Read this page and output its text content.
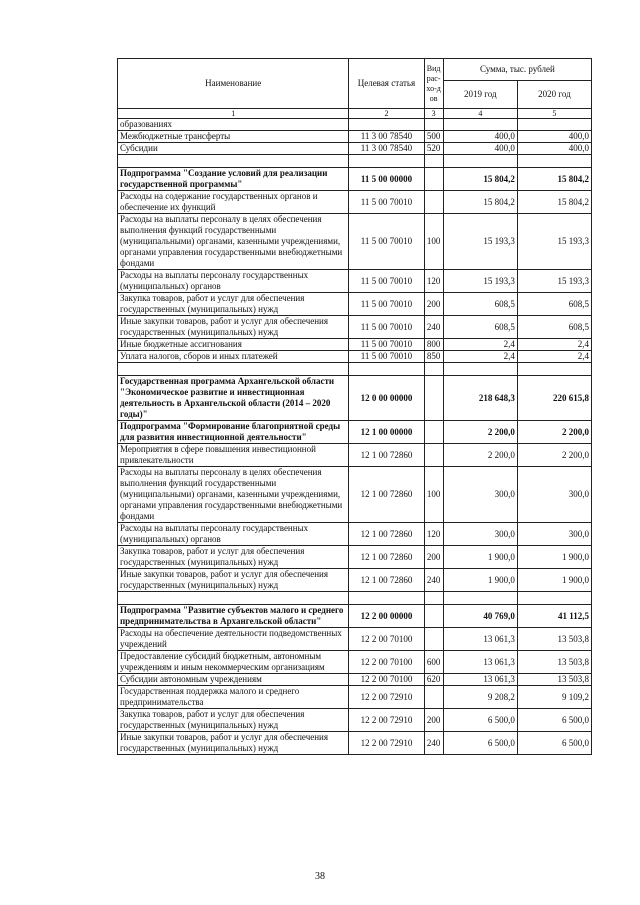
Наименование	Целевая статья	Вид рас-хо-дов	Сумма, тыс. рублей	
			2019 год	2020 год
1	2	3	4	5
образованиях				
Межбюджетные трансферты	11 3 00 78540	500	400,0	400,0
Субсидии	11 3 00 78540	520	400,0	400,0

Подпрограмма "Создание условий для реализации государственной программы"	11 5 00 00000		15 804,2	15 804,2
Расходы на содержание государственных органов и обеспечение их функций	11 5 00 70010		15 804,2	15 804,2
Расходы на выплаты персоналу в целях обеспечения выполнения функций государственными (муниципальными) органами, казенными учреждениями, органами управления государственными внебюджетными фондами	11 5 00 70010	100	15 193,3	15 193,3
Расходы на выплаты персоналу государственных (муниципальных) органов	11 5 00 70010	120	15 193,3	15 193,3
Закупка товаров, работ и услуг для обеспечения государственных (муниципальных) нужд	11 5 00 70010	200	608,5	608,5
Иные закупки товаров, работ и услуг для обеспечения государственных (муниципальных) нужд	11 5 00 70010	240	608,5	608,5
Иные бюджетные ассигнования	11 5 00 70010	800	2,4	2,4
Уплата налогов, сборов и иных платежей	11 5 00 70010	850	2,4	2,4

Государственная программа Архангельской области "Экономическое развитие и инвестиционная деятельность в Архангельской области (2014 – 2020 годы)"	12 0 00 00000		218 648,3	220 615,8
Подпрограмма "Формирование благоприятной среды для развития инвестиционной деятельности"	12 1 00 00000		2 200,0	2 200,0
Мероприятия в сфере повышения инвестиционной привлекательности	12 1 00 72860		2 200,0	2 200,0
Расходы на выплаты персоналу в целях обеспечения выполнения функций государственными (муниципальными) органами, казенными учреждениями, органами управления государственными внебюджетными фондами	12 1 00 72860	100	300,0	300,0
Расходы на выплаты персоналу государственных (муниципальных) органов	12 1 00 72860	120	300,0	300,0
Закупка товаров, работ и услуг для обеспечения государственных (муниципальных) нужд	12 1 00 72860	200	1 900,0	1 900,0
Иные закупки товаров, работ и услуг для обеспечения государственных (муниципальных) нужд	12 1 00 72860	240	1 900,0	1 900,0

Подпрограмма "Развитие субъектов малого и среднего предпринимательства в Архангельской области"	12 2 00 00000		40 769,0	41 112,5
Расходы на обеспечение деятельности подведомственных учреждений	12 2 00 70100		13 061,3	13 503,8
Предоставление субсидий бюджетным, автономным учреждениям и иным некоммерческим организациям	12 2 00 70100	600	13 061,3	13 503,8
Субсидии автономным учреждениям	12 2 00 70100	620	13 061,3	13 503,8
Государственная поддержка малого и среднего предпринимательства	12 2 00 72910		9 208,2	9 109,2
Закупка товаров, работ и услуг для обеспечения государственных (муниципальных) нужд	12 2 00 72910	200	6 500,0	6 500,0
Иные закупки товаров, работ и услуг для обеспечения государственных (муниципальных) нужд	12 2 00 72910	240	6 500,0	6 500,0
38
